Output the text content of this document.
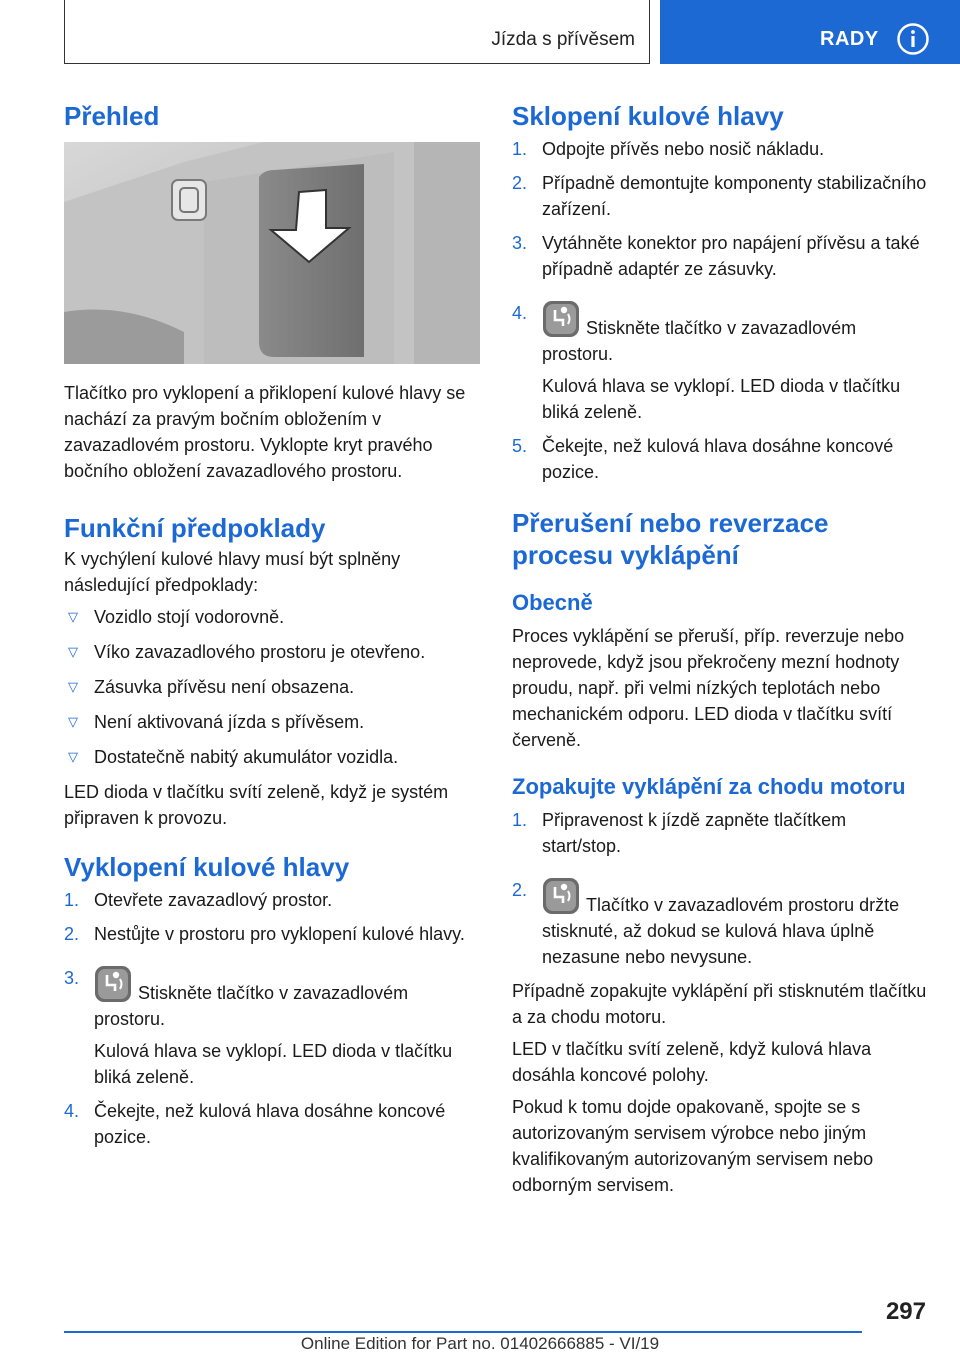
Jízda s přívěsem	RADY
Přehled

Tlačítko pro vyklopení a přiklopení kulové hlavy se nachází za pravým bočním obložením v zavazadlovém prostoru. Vyklopte kryt pravého bočního obložení zavazadlového prostoru.

Funkční předpoklady

K vychýlení kulové hlavy musí být splněny následující předpoklady:

▽ Vozidlo stojí vodorovně.
▽ Víko zavazadlového prostoru je otevřeno.
▽ Zásuvka přívěsu není obsazena.
▽ Není aktivovaná jízda s přívěsem.
▽ Dostatečně nabitý akumulátor vozidla.

LED dioda v tlačítku svítí zeleně, když je systém připraven k provozu.

Vyklopení kulové hlavy
1. Otevřete zavazadlový prostor.
2. Nestůjte v prostoru pro vyklopení kulové hlavy.
3.
Stiskněte tlačítko v zavazadlovém prostoru.
Kulová hlava se vyklopí. LED dioda v tlačítku bliká zeleně.
4. Čekejte, než kulová hlava dosáhne koncové pozice.
Sklopení kulové hlavy
1. Odpojte přívěs nebo nosič nákladu.
2. Případně demontujte komponenty stabilizačního zařízení.
3. Vytáhněte konektor pro napájení přívěsu a také případně adaptér ze zásuvky.
4.
Stiskněte tlačítko v zavazadlovém prostoru.
Kulová hlava se vyklopí. LED dioda v tlačítku bliká zeleně.
5. Čekejte, než kulová hlava dosáhne koncové pozice.
Přerušení nebo reverzace procesu vyklápění
Obecně

Proces vyklápění se přeruší, příp. reverzuje nebo neprovede, když jsou překročeny mezní hodnoty proudu, např. při velmi nízkých teplotách nebo mechanickém odporu. LED dioda v tlačítku svítí červeně.

Zopakujte vyklápění za chodu motoru
1. Připravenost k jízdě zapněte tlačítkem start/stop.
2.
Tlačítko v zavazadlovém prostoru držte stisknuté, až dokud se kulová hlava úplně nezasune nebo nevysune.

Případně zopakujte vyklápění při stisknutém tlačítku a za chodu motoru.

LED v tlačítku svítí zeleně, když kulová hlava dosáhla koncové polohy.

Pokud k tomu dojde opakovaně, spojte se s autorizovaným servisem výrobce nebo jiným kvalifikovaným autorizovaným servisem nebo odborným servisem.

297
Online Edition for Part no. 01402666885 - VI/19
